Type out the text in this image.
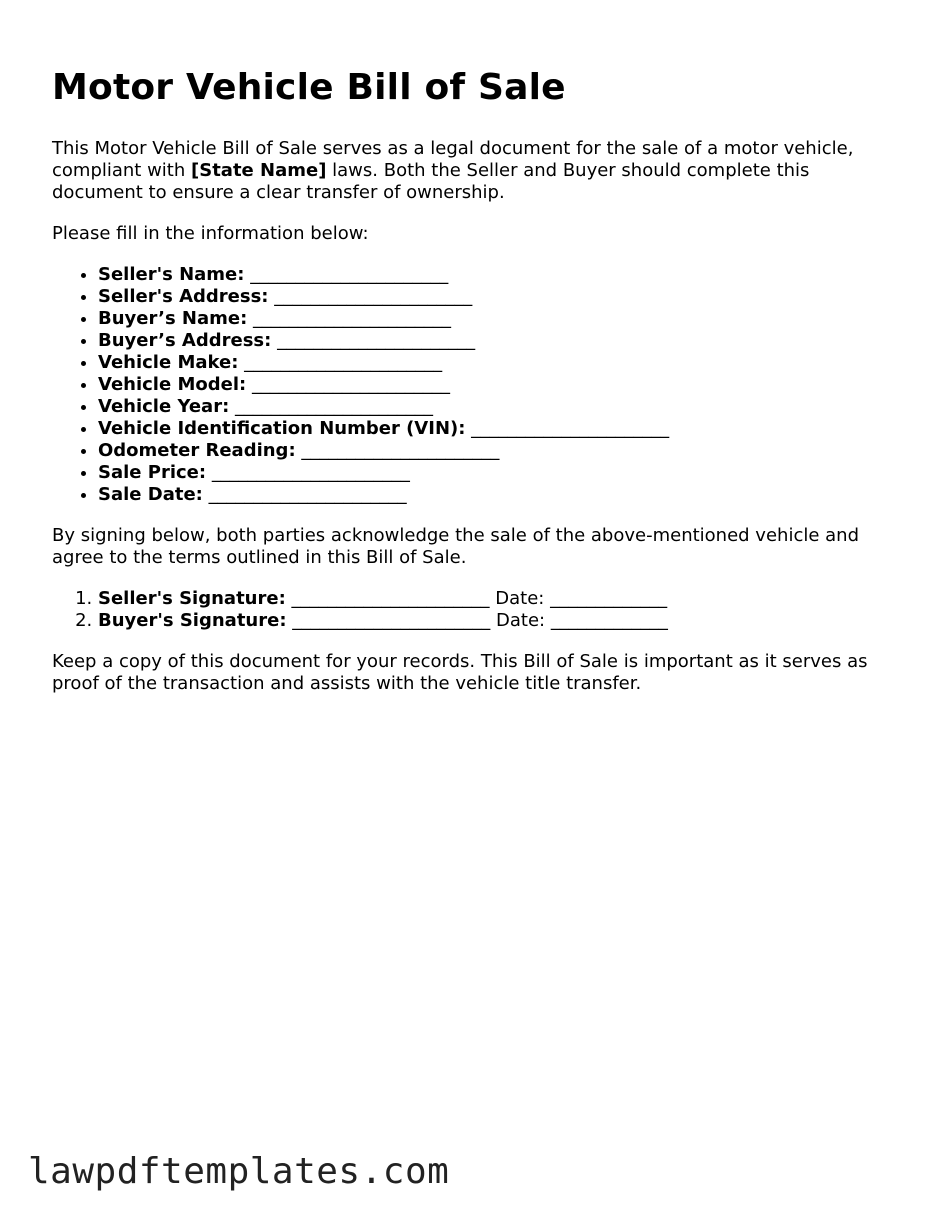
Motor Vehicle Bill of Sale

This Motor Vehicle Bill of Sale serves as a legal document for the sale of a motor vehicle, compliant with [State Name] laws. Both the Seller and Buyer should complete this document to ensure a clear transfer of ownership.

Please fill in the information below:

• Seller's Name: ______________________
• Seller's Address: ______________________
• Buyer’s Name: ______________________
• Buyer’s Address: ______________________
• Vehicle Make: ______________________
• Vehicle Model: ______________________
• Vehicle Year: ______________________
• Vehicle Identification Number (VIN): ______________________
• Odometer Reading: ______________________
• Sale Price: ______________________
• Sale Date: ______________________

By signing below, both parties acknowledge the sale of the above-mentioned vehicle and agree to the terms outlined in this Bill of Sale.

1. Seller's Signature: ______________________ Date: _____________
2. Buyer's Signature: ______________________ Date: _____________

Keep a copy of this document for your records. This Bill of Sale is important as it serves as proof of the transaction and assists with the vehicle title transfer.

lawpdftemplates.com
